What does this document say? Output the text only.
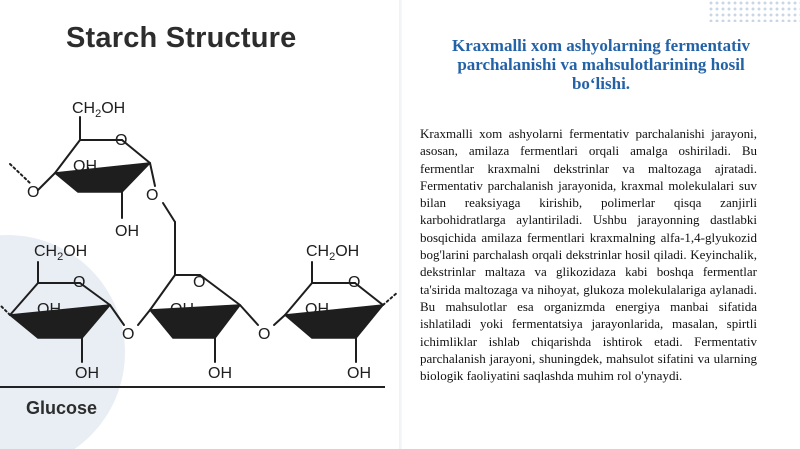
Starch Structure
$CH_2OH$
O
OH
O	O
OH
$CH_2OH$
O
OH
O
OH
O
OH
O
OH
$CH_2OH$
O
OH
OH
Glucose
Kraxmalli xom ashyolarning fermentativ parchalanishi va mahsulotlarining hosil bo‘lishi.
Kraxmalli xom ashyolarni fermentativ parchalanishi jarayoni, asosan, amilaza fermentlari orqali amalga oshiriladi. Bu fermentlar kraxmalni dekstrinlar va maltozaga ajratadi. Fermentativ parchalanish jarayonida, kraxmal molekulalari suv bilan reaksiyaga kirishib, polimerlar qisqa zanjirli karbohidratlarga aylantiriladi. Ushbu jarayonning dastlabki bosqichida amilaza fermentlari kraxmalning alfa-1,4-glyukozid bog'larini parchalash orqali dekstrinlar hosil qiladi. Keyinchalik, dekstrinlar maltaza va glikozidaza kabi boshqa fermentlar ta'sirida maltozaga va nihoyat, glukoza molekulalariga aylanadi. Bu mahsulotlar esa organizmda energiya manbai sifatida ishlatiladi yoki fermentatsiya jarayonlarida, masalan, spirtli ichimliklar ishlab chiqarishda ishtirok etadi. Fermentativ parchalanish jarayoni, shuningdek, mahsulot sifatini va ularning biologik faoliyatini saqlashda muhim rol o'ynaydi.
